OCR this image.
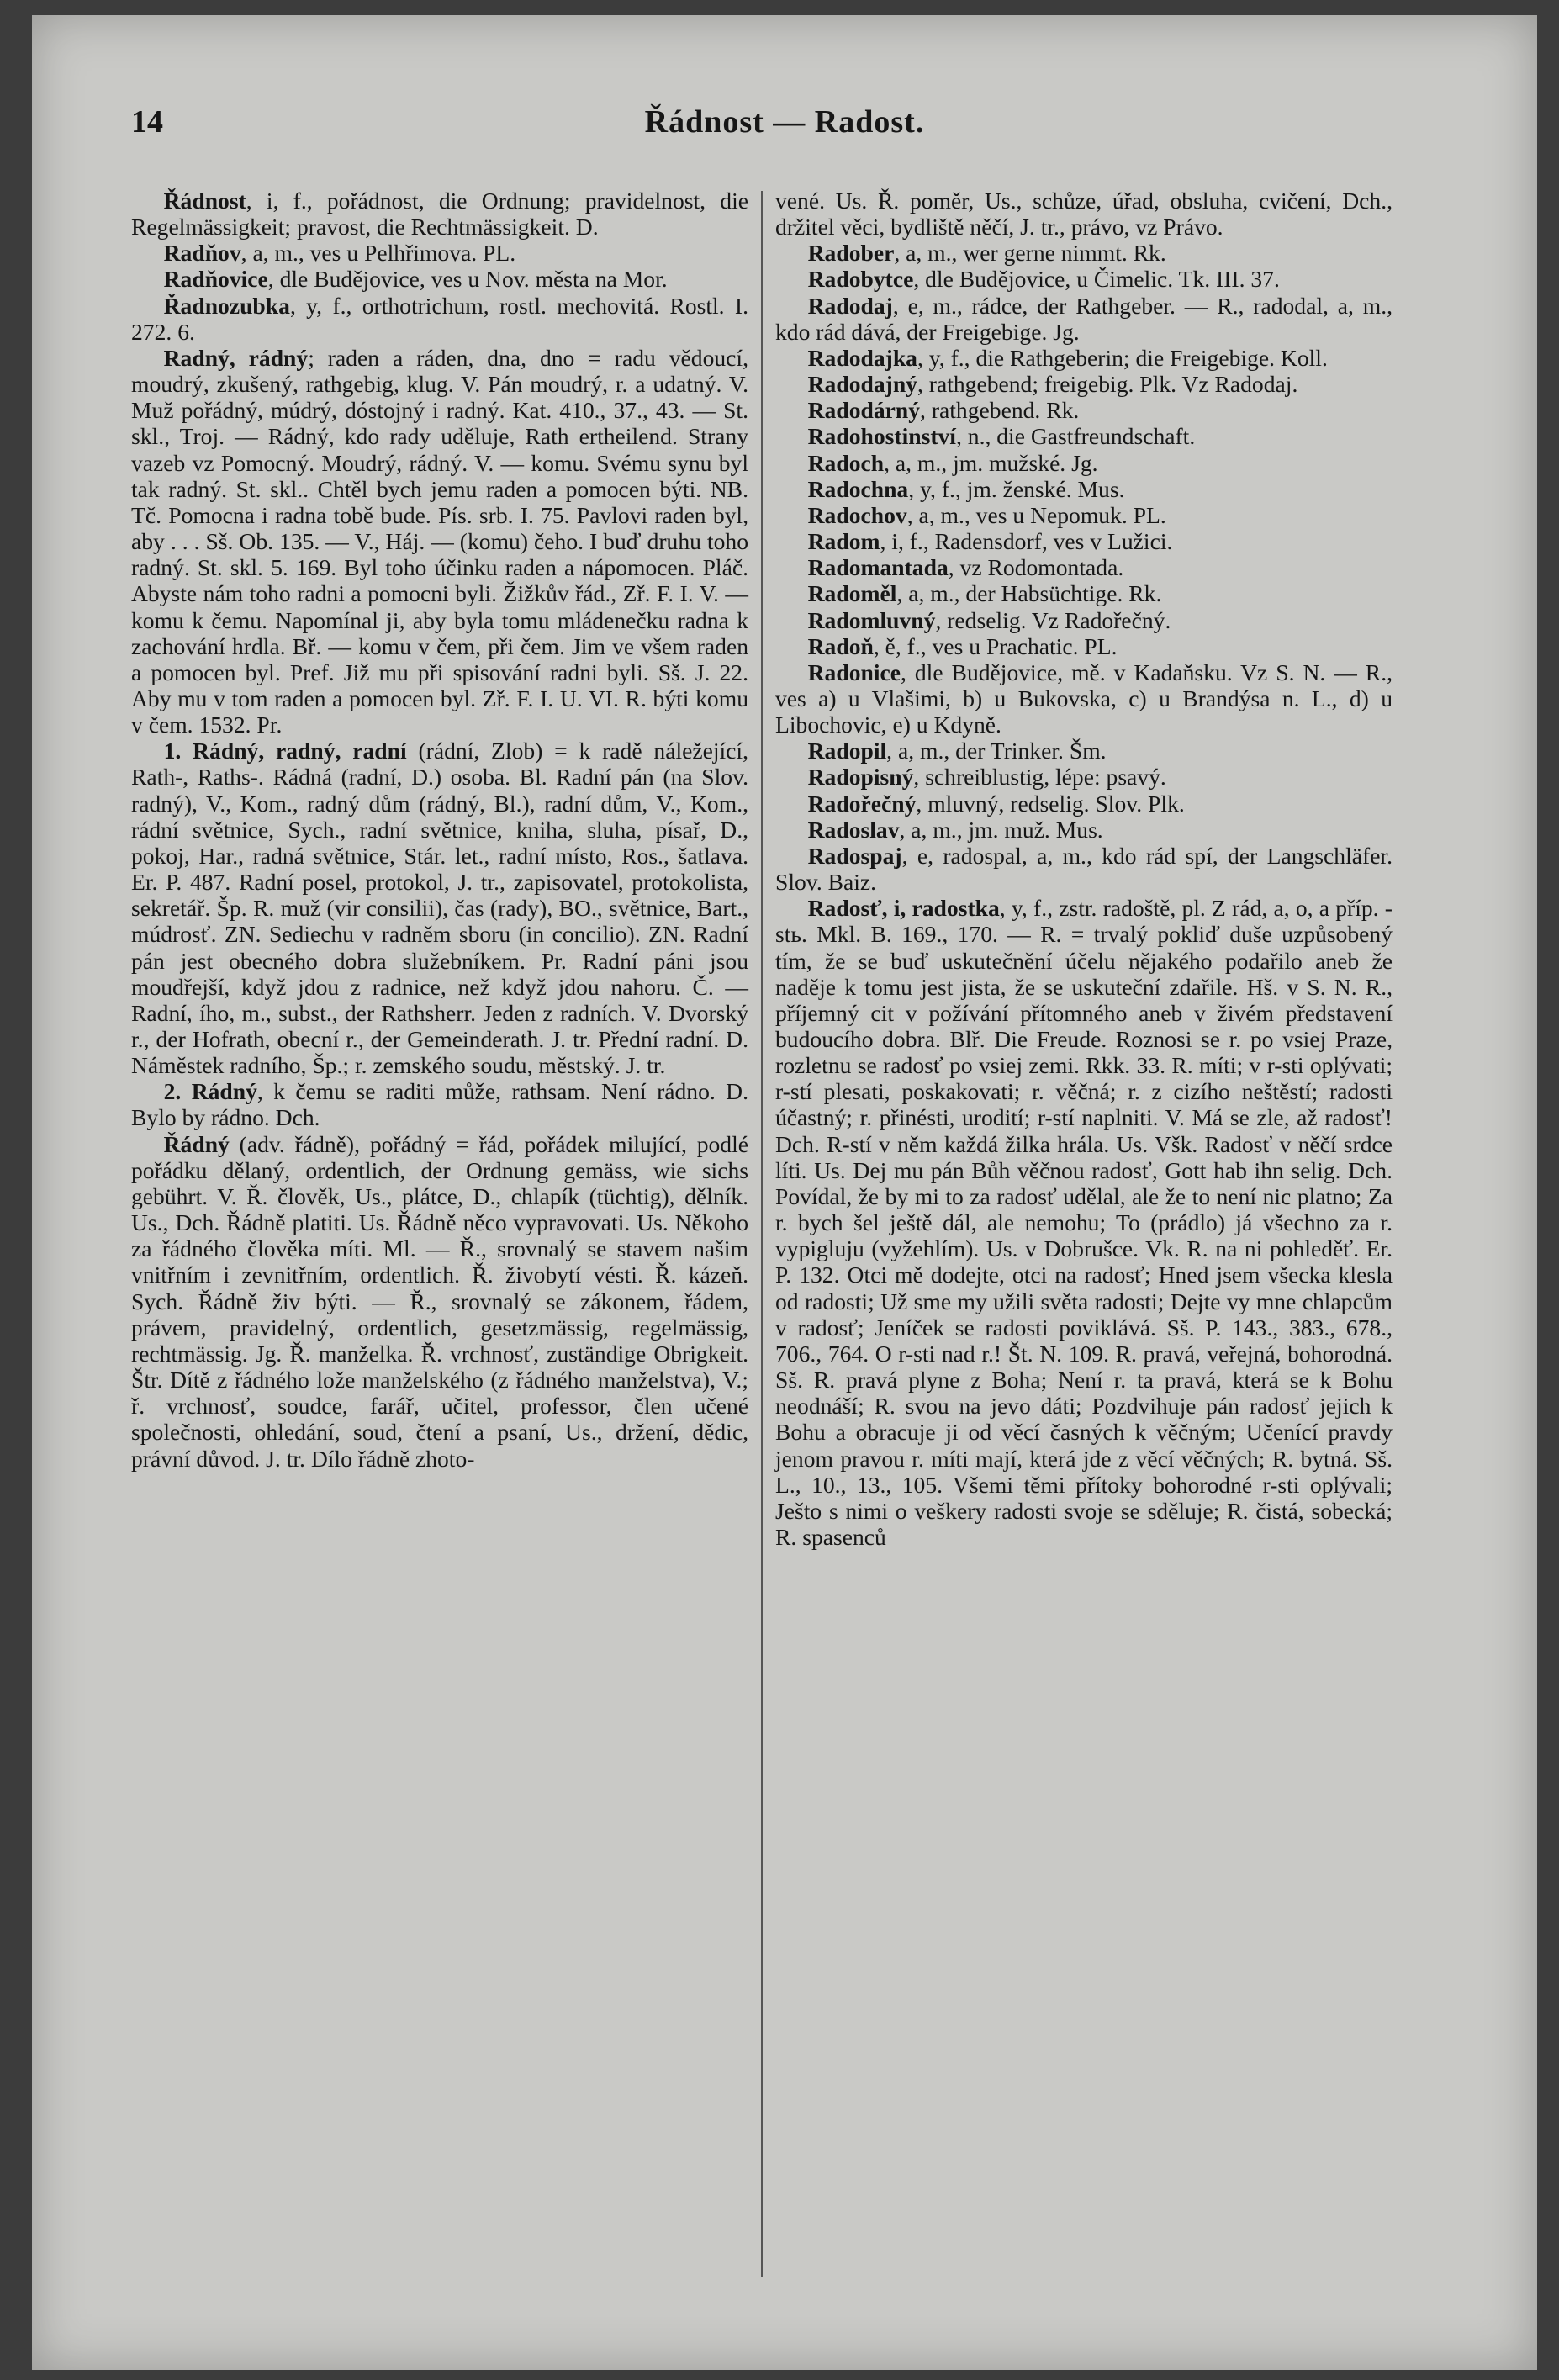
14	Řádnost — Radost.

Řádnost, i, f., pořádnost, die Ordnung; pravidelnost, die Regelmässigkeit; pravost, die Rechtmässigkeit. D.

Radňov, a, m., ves u Pelhřimova. PL.

Radňovice, dle Budějovice, ves u Nov. města na Mor.

Řadnozubka, y, f., orthotrichum, rostl. mechovitá. Rostl. I. 272. 6.

Radný, rádný; raden a ráden, dna, dno = radu vědoucí, moudrý, zkušený, rathgebig, klug. V. Pán moudrý, r. a udatný. V. Muž pořádný, múdrý, dóstojný i radný. Kat. 410., 37., 43. — St. skl., Troj. — Rádný, kdo rady uděluje, Rath ertheilend. Strany vazeb vz Pomocný. Moudrý, rádný. V. — komu. Svému synu byl tak radný. St. skl.. Chtěl bych jemu raden a pomocen býti. NB. Tč. Pomocna i radna tobě bude. Pís. srb. I. 75. Pavlovi raden byl, aby . . . Sš. Ob. 135. — V., Háj. — (komu) čeho. I buď druhu toho radný. St. skl. 5. 169. Byl toho účinku raden a nápomocen. Pláč. Abyste nám toho radni a pomocni byli. Žižkův řád., Zř. F. I. V. — komu k čemu. Napomínal ji, aby byla tomu mládenečku radna k zachování hrdla. Bř. — komu v čem, při čem. Jim ve všem raden a pomocen byl. Pref. Již mu při spisování radni byli. Sš. J. 22. Aby mu v tom raden a pomocen byl. Zř. F. I. U. VI. R. býti komu v čem. 1532. Pr.

1. Rádný, radný, radní (rádní, Zlob) = k radě náležející, Rath-, Raths-. Rádná (radní, D.) osoba. Bl. Radní pán (na Slov. radný), V., Kom., radný dům (rádný, Bl.), radní dům, V., Kom., rádní světnice, Sych., radní světnice, kniha, sluha, písař, D., pokoj, Har., radná světnice, Stár. let., radní místo, Ros., šatlava. Er. P. 487. Radní posel, protokol, J. tr., zapisovatel, protokolista, sekretář. Šp. R. muž (vir consilii), čas (rady), BO., světnice, Bart., múdrosť. ZN. Sediechu v radněm sboru (in concilio). ZN. Radní pán jest obecného dobra služebníkem. Pr. Radní páni jsou moudřejší, když jdou z radnice, než když jdou nahoru. Č. — Radní, ího, m., subst., der Rathsherr. Jeden z radních. V. Dvorský r., der Hofrath, obecní r., der Gemeinderath. J. tr. Přední radní. D. Náměstek radního, Šp.; r. zemského soudu, městský. J. tr.

2. Rádný, k čemu se raditi může, rathsam. Není rádno. D. Bylo by rádno. Dch.

Řádný (adv. řádně), pořádný = řád, pořádek milující, podlé pořádku dělaný, ordentlich, der Ordnung gemäss, wie sichs gebührt. V. Ř. člověk, Us., plátce, D., chlapík (tüchtig), dělník. Us., Dch. Řádně platiti. Us. Řádně něco vypravovati. Us. Někoho za řádného člověka míti. Ml. — Ř., srovnalý se stavem našim vnitřním i zevnitřním, ordentlich. Ř. živobytí vésti. Ř. kázeň. Sych. Řádně živ býti. — Ř., srovnalý se zákonem, řádem, právem, pravidelný, ordentlich, gesetzmässig, regelmässig, rechtmässig. Jg. Ř. manželka. Ř. vrchnosť, zuständige Obrigkeit. Štr. Dítě z řádného lože manželského (z řádného manželstva), V.; ř. vrchnosť, soudce, farář, učitel, professor, člen učené společnosti, ohledání, soud, čtení a psaní, Us., držení, dědic, právní důvod. J. tr. Dílo řádně zhoto-

vené. Us. Ř. poměr, Us., schůze, úřad, obsluha, cvičení, Dch., držitel věci, bydliště něčí, J. tr., právo, vz Právo.

Radober, a, m., wer gerne nimmt. Rk.

Radobytce, dle Budějovice, u Čimelic. Tk. III. 37.

Radodaj, e, m., rádce, der Rathgeber. — R., radodal, a, m., kdo rád dává, der Freigebige. Jg.

Radodajka, y, f., die Rathgeberin; die Freigebige. Koll.

Radodajný, rathgebend; freigebig. Plk. Vz Radodaj.

Radodárný, rathgebend. Rk.

Radohostinství, n., die Gastfreundschaft.

Radoch, a, m., jm. mužské. Jg.

Radochna, y, f., jm. ženské. Mus.

Radochov, a, m., ves u Nepomuk. PL.

Radom, i, f., Radensdorf, ves v Lužici.

Radomantada, vz Rodomontada.

Radoměl, a, m., der Habsüchtige. Rk.

Radomluvný, redselig. Vz Radořečný.

Radoň, ě, f., ves u Prachatic. PL.

Radonice, dle Budějovice, mě. v Kadaňsku. Vz S. N. — R., ves a) u Vlašimi, b) u Bukovska, c) u Brandýsa n. L., d) u Libochovic, e) u Kdyně.

Radopil, a, m., der Trinker. Šm.

Radopisný, schreiblustig, lépe: psavý.

Radořečný, mluvný, redselig. Slov. Plk.

Radoslav, a, m., jm. muž. Mus.

Radospaj, e, radospal, a, m., kdo rád spí, der Langschläfer. Slov. Baiz.

Radosť, i, radostka, y, f., zstr. radoště, pl. Z rád, a, o, a příp. -stь. Mkl. B. 169., 170. — R. = trvalý pokliď duše uzpůsobený tím, že se buď uskutečnění účelu nějakého podařilo aneb že naděje k tomu jest jista, že se uskuteční zdařile. Hš. v S. N. R., příjemný cit v požívání přítomného aneb v živém představení budoucího dobra. Blř. Die Freude. Roznosi se r. po vsiej Praze, rozletnu se radosť po vsiej zemi. Rkk. 33. R. míti; v r-sti oplývati; r-stí plesati, poskakovati; r. věčná; r. z cizího neštěstí; radosti účastný; r. přinésti, urodití; r-stí naplniti. V. Má se zle, až radosť! Dch. R-stí v něm každá žilka hrála. Us. Všk. Radosť v něčí srdce líti. Us. Dej mu pán Bůh věčnou radosť, Gott hab ihn selig. Dch. Povídal, že by mi to za radosť udělal, ale že to není nic platno; Za r. bych šel ještě dál, ale nemohu; To (prádlo) já všechno za r. vypigluju (vyžehlím). Us. v Dobrušce. Vk. R. na ni pohleděť. Er. P. 132. Otci mě dodejte, otci na radosť; Hned jsem všecka klesla od radosti; Už sme my užili světa radosti; Dejte vy mne chlapcům v radosť; Jeníček se radosti poviklává. Sš. P. 143., 383., 678., 706., 764. O r-sti nad r.! Št. N. 109. R. pravá, veřejná, bohorodná. Sš. R. pravá plyne z Boha; Není r. ta pravá, která se k Bohu neodnáší; R. svou na jevo dáti; Pozdvihuje pán radosť jejich k Bohu a obracuje ji od věcí časných k věčným; Učenící pravdy jenom pravou r. míti mají, která jde z věcí věčných; R. bytná. Sš. L., 10., 13., 105. Všemi těmi přítoky bohorodné r-sti oplývali; Ješto s nimi o veškery radosti svoje se sděluje; R. čistá, sobecká; R. spasenců
